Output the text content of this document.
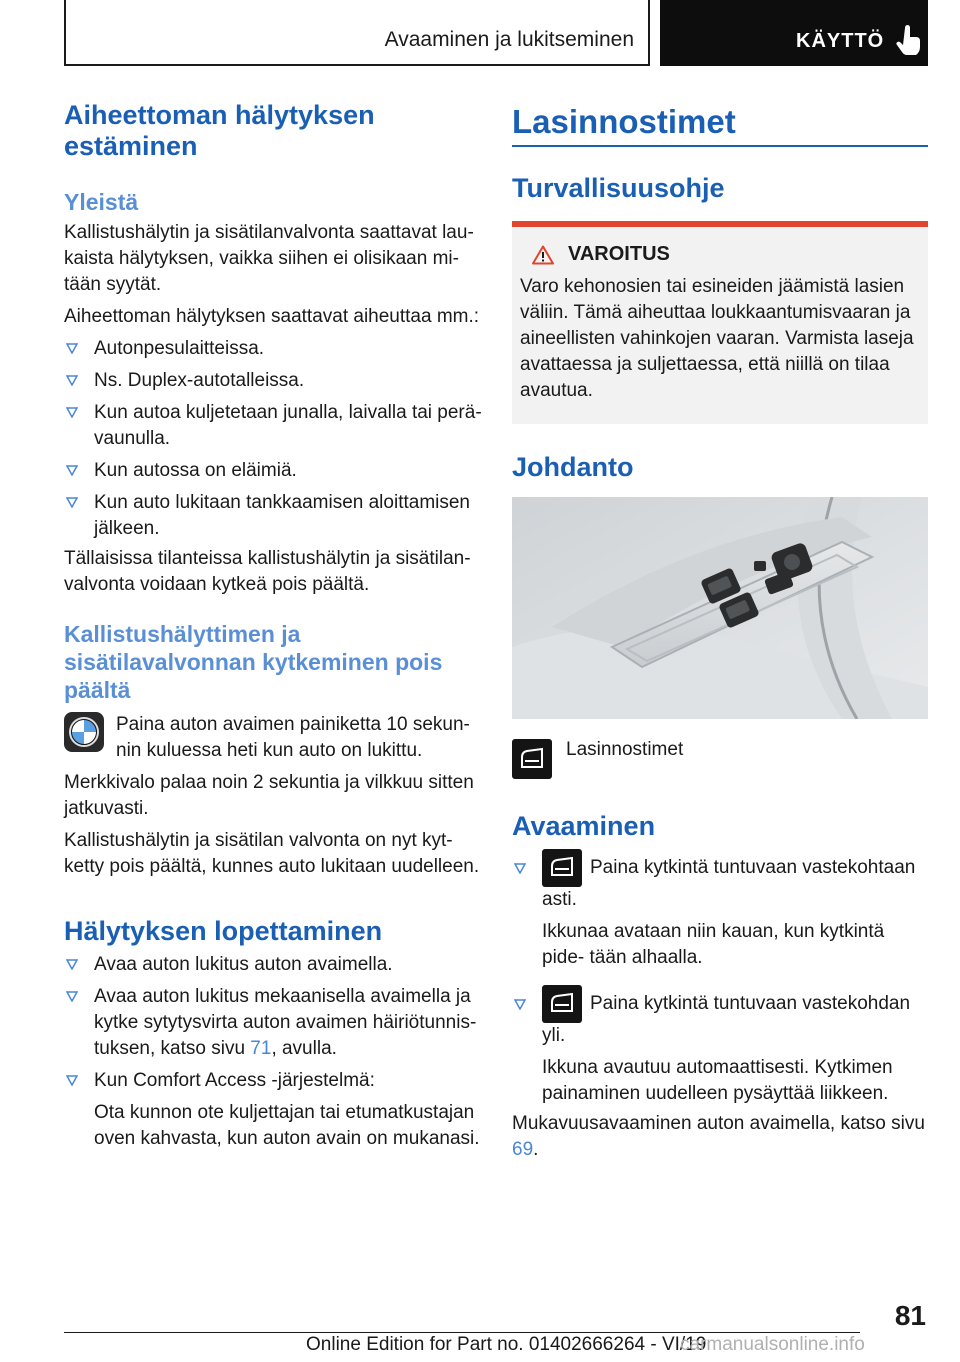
Avaaminen ja lukitseminen	KÄYTTÖ
Aiheettoman hälytyksen estäminen
Yleistä

Kallistushälytin ja sisätilanvalvonta saattavat lau- kaista hälytyksen, vaikka siihen ei olisikaan mi- tään syytät.

Aiheettoman hälytyksen saattavat aiheuttaa mm.:

Autonpesulaitteissa.
Ns. Duplex-autotalleissa.
Kun autoa kuljetetaan junalla, laivalla tai perä- vaunulla.
Kun autossa on eläimiä.
Kun auto lukitaan tankkaamisen aloittamisen jälkeen.

Tällaisissa tilanteissa kallistushälytin ja sisätilan- valvonta voidaan kytkeä pois päältä.

Kallistushälyttimen ja sisätilavalvonnan kytkeminen pois päältä

Paina auton avaimen painiketta 10 sekun- nin kuluessa heti kun auto on lukittu.

Merkkivalo palaa noin 2 sekuntia ja vilkkuu sitten jatkuvasti.

Kallistushälytin ja sisätilan valvonta on nyt kyt- ketty pois päältä, kunnes auto lukitaan uudelleen.

Hälytyksen lopettaminen
Avaa auton lukitus auton avaimella.
Avaa auton lukitus mekaanisella avaimella ja kytke sytytysvirta auton avaimen häiriötunnis- tuksen, katso sivu 71, avulla.
Kun Comfort Access -järjestelmä:

Ota kunnon ote kuljettajan tai etumatkustajan oven kahvasta, kun auton avain on mukanasi.

Lasinnostimet
Turvallisuusohje
VAROITUS

Varo kehonosien tai esineiden jäämistä lasien väliin. Tämä aiheuttaa loukkaantumisvaaran ja aineellisten vahinkojen vaaran. Varmista laseja avattaessa ja suljettaessa, että niillä on tilaa avautua.

Johdanto
Lasinnostimet
Avaaminen
Paina kytkintä tuntuvaan vastekohtaan asti.

Ikkunaa avataan niin kauan, kun kytkintä pide- tään alhaalla.

Paina kytkintä tuntuvaan vastekohdan yli.

Ikkuna avautuu automaattisesti. Kytkimen painaminen uudelleen pysäyttää liikkeen.

Mukavuusavaaminen auton avaimella, katso sivu 69.

81
Online Edition for Part no. 01402666264 - VI/19
carmanualsonline.info
